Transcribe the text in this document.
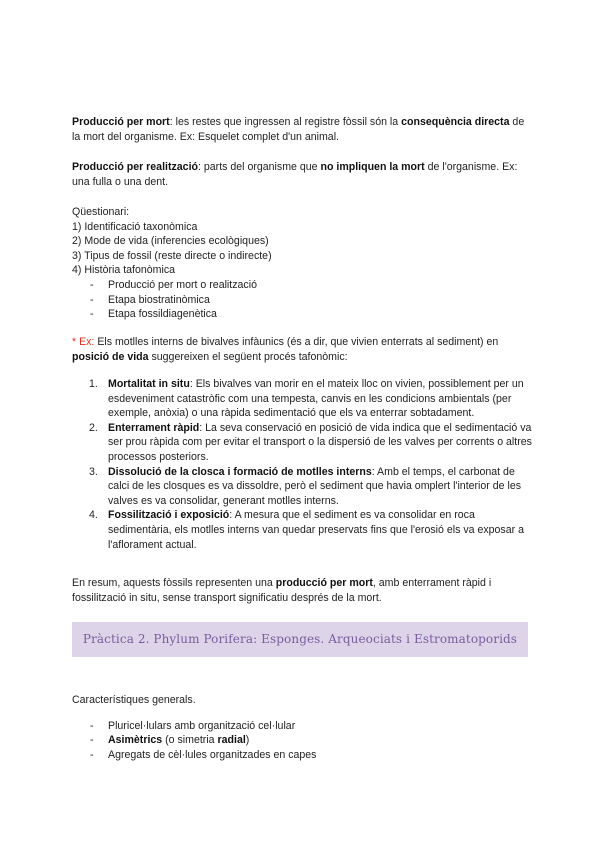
Producció per mort: les restes que ingressen al registre fòssil són la consequència directa de la mort del organisme. Ex: Esquelet complet d'un animal.

Producció per realització: parts del organisme que no impliquen la mort de l'organisme. Ex: una fulla o una dent.

Qüestionari:

1) Identificació taxonòmica

2) Mode de vida (inferencies ecològiques)

3) Tipus de fossil (reste directe o indirecte)

4) Història tafonòmica

- Producció per mort o realització
- Etapa biostratinòmica
- Etapa fossildiagenètica

* Ex: Els motlles interns de bivalves infàunics (és a dir, que vivien enterrats al sediment) en posició de vida suggereixen el següent procés tafonòmic:

1. Mortalitat in situ: Els bivalves van morir en el mateix lloc on vivien, possiblement per un esdeveniment catastròfic com una tempesta, canvis en les condicions ambientals (per exemple, anòxia) o una ràpida sedimentació que els va enterrar sobtadament.
2. Enterrament ràpid: La seva conservació en posició de vida indica que el sedimentació va ser prou ràpida com per evitar el transport o la dispersió de les valves per corrents o altres processos posteriors.
3. Dissolució de la closca i formació de motlles interns: Amb el temps, el carbonat de calci de les closques es va dissoldre, però el sediment que havia omplert l'interior de les valves es va consolidar, generant motlles interns.
4. Fossilització i exposició: A mesura que el sediment es va consolidar en roca sedimentària, els motlles interns van quedar preservats fins que l'erosió els va exposar a l'aflorament actual.

En resum, aquests fòssils representen una producció per mort, amb enterrament ràpid i fossilització in situ, sense transport significatiu després de la mort.

Pràctica 2. Phylum Porifera: Esponges. Arqueociats i Estromatoporids

Característiques generals.

- Pluricel·lulars amb organització cel·lular
- Asimètrics (o simetria radial)
- Agregats de cèl·lules organitzades en capes
